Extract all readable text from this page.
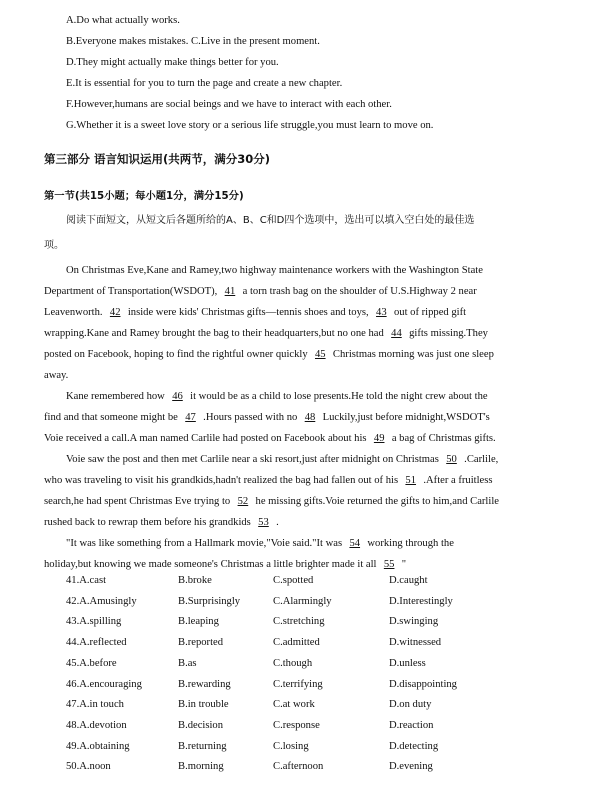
A.Do what actually works.
B.Everyone makes mistakes. C.Live in the present moment.
D.They might actually make things better for you.
E.It is essential for you to turn the page and create a new chapter.
F.However,humans are social beings and we have to interact with each other.
G.Whether it is a sweet love story or a serious life struggle,you must learn to move on.
第三部分 语言知识运用(共两节，满分30分)
第一节(共15小题；每小题1分，满分15分)
阅读下面短文，从短文后各题所给的A、B、C和D四个选项中，选出可以填入空白处的最佳选
项。
On Christmas Eve,Kane and Ramey,two highway maintenance workers with the Washington State
Department of Transportation(WSDOT), 41 a torn trash bag on the shoulder of U.S.Highway 2 near
Leavenworth. 42 inside were kids' Christmas gifts—tennis shoes and toys, 43 out of ripped gift
wrapping.Kane and Ramey brought the bag to their headquarters,but no one had 44 gifts missing.They
posted on Facebook, hoping to find the rightful owner quickly 45 Christmas morning was just one sleep
away.
Kane remembered how 46 it would be as a child to lose presents.He told the night crew about the
find and that someone might be 47 .Hours passed with no 48 Luckily,just before midnight,WSDOT's
Voie received a call.A man named Carlile had posted on Facebook about his 49 a bag of Christmas gifts.
Voie saw the post and then met Carlile near a ski resort,just after midnight on Christmas 50 .Carlile,
who was traveling to visit his grandkids,hadn't realized the bag had fallen out of his 51 .After a fruitless
search,he had spent Christmas Eve trying to 52 he missing gifts.Voie returned the gifts to him,and Carlile
rushed back to rewrap them before his grandkids 53 .
"It was like something from a Hallmark movie,"Voie said."It was 54 working through the
holiday,but knowing we made someone's Christmas a little brighter made it all 55 "
41.A.cast	B.broke	C.spotted	D.caught
42.A.Amusingly	B.Surprisingly	C.Alarmingly	D.Interestingly
43.A.spilling	B.leaping	C.stretching	D.swinging
44.A.reflected	B.reported	C.admitted	D.witnessed
45.A.before	B.as	C.though	D.unless
46.A.encouraging	B.rewarding	C.terrifying	D.disappointing
47.A.in touch	B.in trouble	C.at work	D.on duty
48.A.devotion	B.decision	C.response	D.reaction
49.A.obtaining	B.returning	C.losing	D.detecting
50.A.noon	B.morning	C.afternoon	D.evening
